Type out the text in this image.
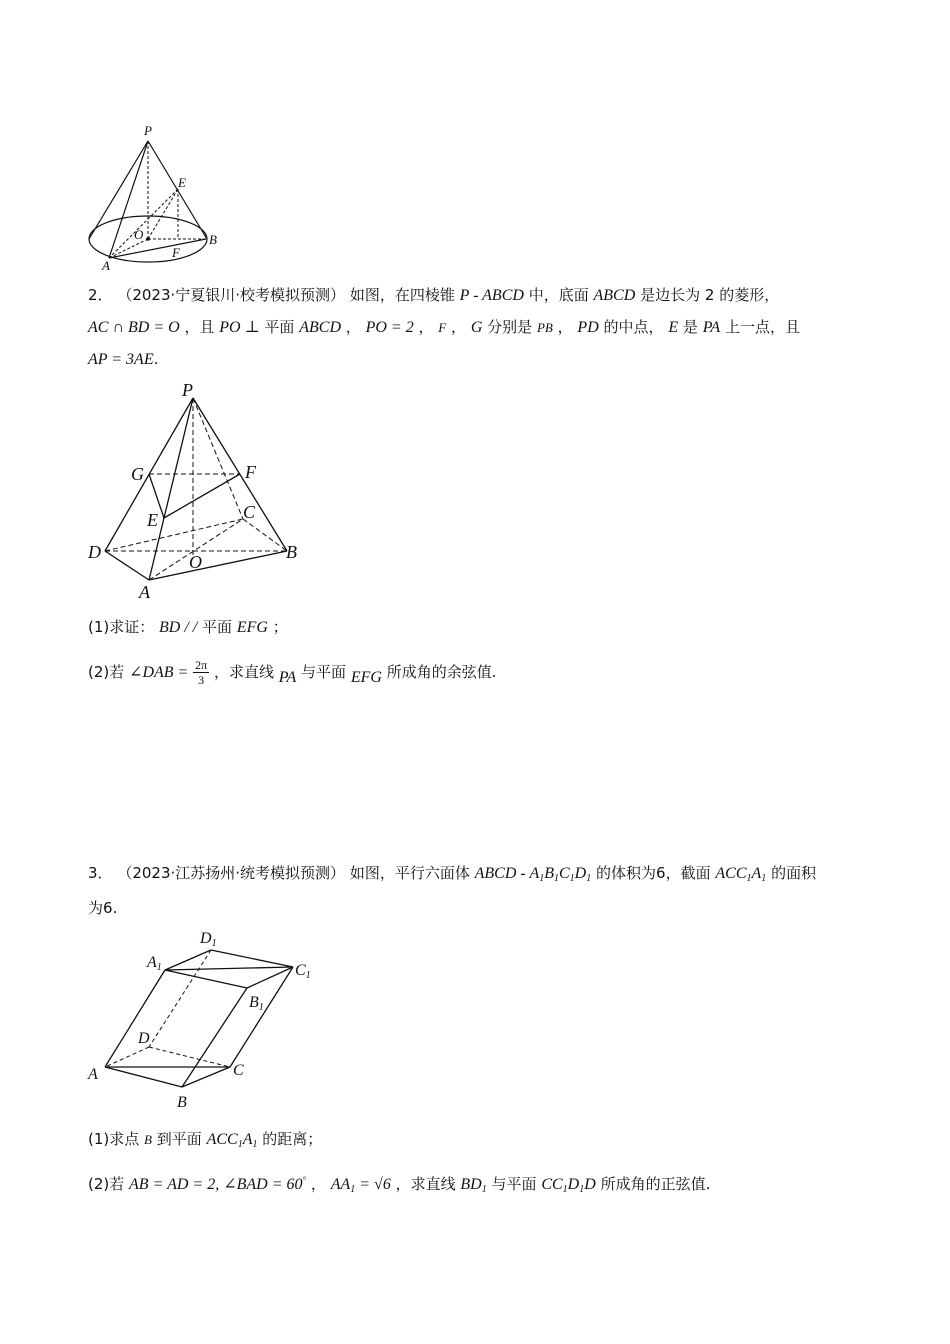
P
E
O	B
A
F
2． （2023·宁夏银川·校考模拟预测） 如图，在四棱锥 P - ABCD 中，底面 ABCD 是边长为 2 的菱形，
AC ∩ BD = O ，且 PO ⊥ 平面 ABCD ， PO = 2 ， F ， G 分别是 PB ， PD 的中点， E 是 PA 上一点，且
AP = 3AE.
P
G	F
E	C
D	O	B
A
(1)求证： BD / / 平面 EFG ；
(2)若 ∠DAB = $\frac{2\pi}{3}$ ，求直线 PA 与平面 EFG 所成角的余弦值.
3． （2023·江苏扬州·统考模拟预测） 如图，平行六面体 ABCD - $A_1B_1C_1D_1$ 的体积为6，截面 $ACC_1A_1$ 的面积
为6.
D1
A1	C1
B1
D
A	C
B
(1)求点 B 到平面 $ACC_1A_1$ 的距离；
(2)若 AB = AD = 2, ∠BAD = 60° ， $AA_1 = √6$ ，求直线 $BD_1$ 与平面 $CC_1D_1D$ 所成角的正弦值.
